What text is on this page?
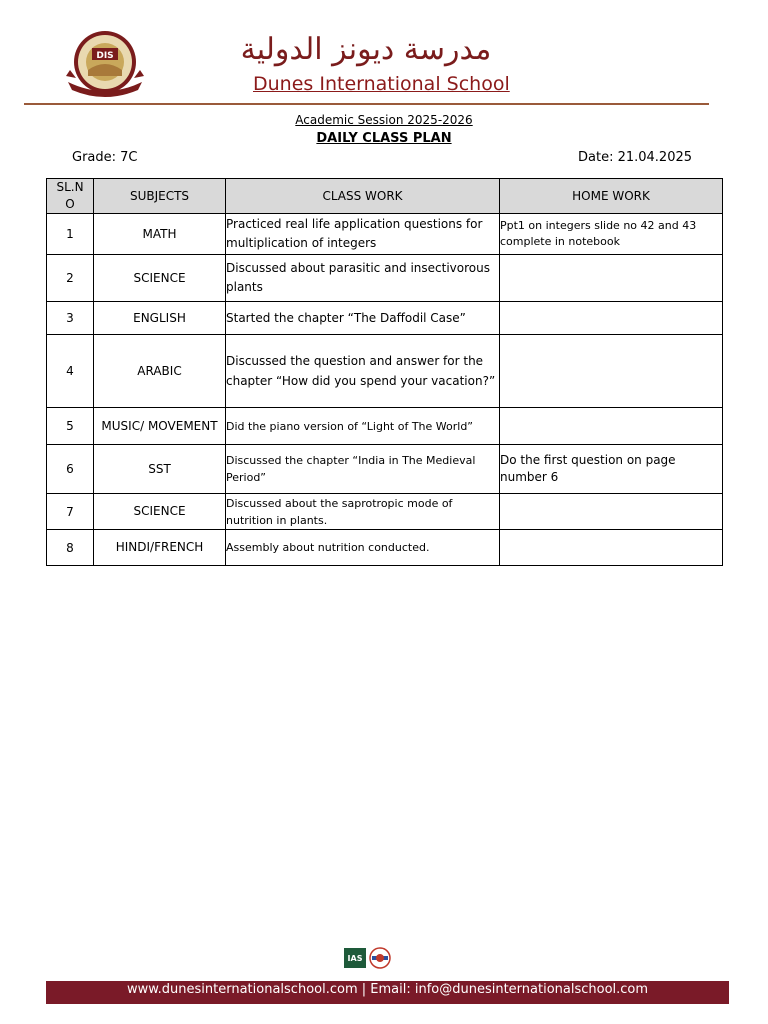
DIS	مدرسة ديونز الدولية
Dunes International School
Academic Session 2025-2026
DAILY CLASS PLAN
Grade: 7C	Date: 21.04.2025
SL.NO	SUBJECTS	CLASS WORK	HOME WORK
1	MATH	Practiced real life application questions for multiplication of integers	Ppt1 on integers slide no 42 and 43 complete in notebook
2	SCIENCE	Discussed about parasitic and insectivorous plants	
3	ENGLISH	Started the chapter “The Daffodil Case”	
4	ARABIC	Discussed the question and answer for the chapter “How did you spend your vacation?”	
5	MUSIC/ MOVEMENT	Did the piano version of “Light of The World”	
6	SST	Discussed the chapter “India in The Medieval Period”	Do the first question on page number 6
7	SCIENCE	Discussed about the saprotropic mode of nutrition in plants.	
8	HINDI/FRENCH	Assembly about nutrition conducted.	
IAS
www.dunesinternationalschool.com | Email: info@dunesinternationalschool.com
